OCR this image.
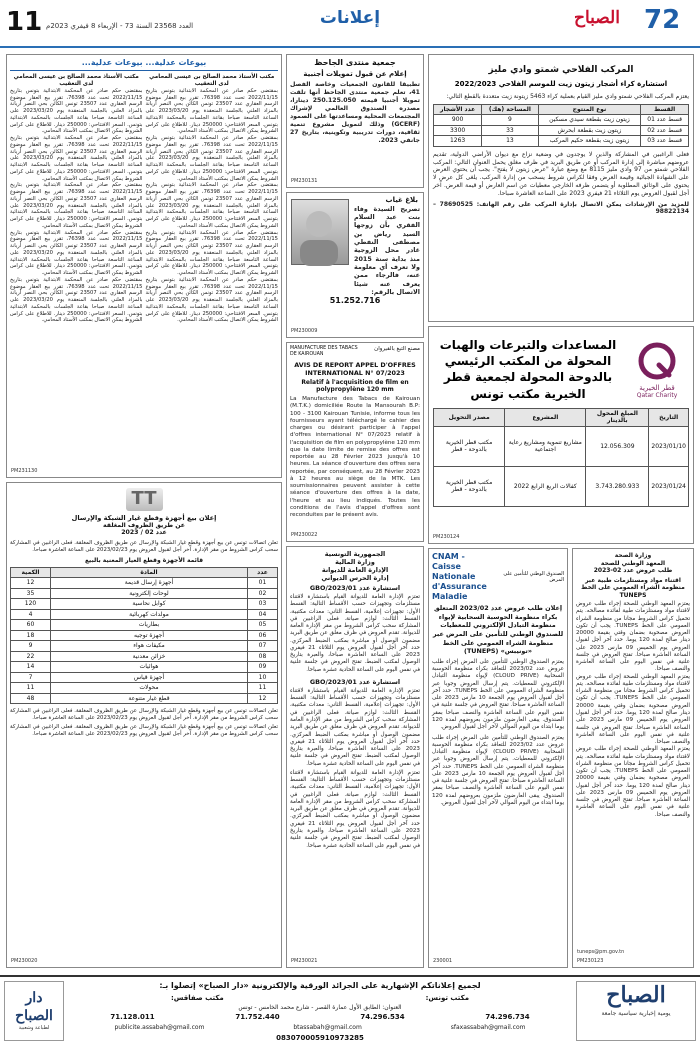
11 العدد 23568 السنة 73 - الإربعاء 8 فيفري 2023م	إعلانات	72
الصباح
المركب الفلاحي شمتو وادي مليز
استشارة كراء أشجار زيتون زيت للموسم الفلاحي 2022/2023
يعتزم المركب الفلاحي شمتو وادي مليز القيام بعملية كراء 5463 زيتونة زيت متعددة بالقطع التالي:
القسط	نوع المنتوج	المساحة (هك)	عدد الأشجار
قسط عدد 01	زيتون زيت بقطعة سيدي مسكين	9	900
قسط عدد 02	زيتون زيت بقطعة ابحرش	33	3300
قسط عدد 03	زيتون زيت بقطعة حكيم المركب	13	1263
فعلى الراغبين في المشاركة والذين لا يوجدون في وضعية نزاع مع ديوان الأراضي الدولية، تقديم عروضهم مباشرة إلى إدارة المركب أو عن طريق البريد في ظرف مغلق يحمل العنوان التالي: المركب الفلاحي شمتو من 97 وادي مليز 8115 مع وضع عبارة "عرض زيتون لا يفتح". يجب أن يحتوي العرض على الشهادة الجبائية وقيمة العرض وفقا لكراس شروط يسحب من إدارة المركب. يلغى كل عرض لا يحتوي على الوثائق المطلوبة أو يتضمن ظرفه الخارجي معطيات عن اسم العارض أو قيمة العرض. آخر أجل لقبول العروض يوم الثلاثاء 21 فيفري 2023 على الساعة العاشرة صباحا.
للمزيد من الإرشادات يمكن الاتصال بإدارة المركب على رقم الهاتف: 78690525 – 98822134
قطر الخيرية
Qatar Charity
المساعدات والتبرعات والهبات المحولة من المكتب الرئيسي بالدوحة المحولة لجمعية قطر الخيرية مكتب تونس
التاريخ	المبلغ المحول بالدينار	المشروع	مصدر التحويل
2023/01/10	12.056.309	مشاريع تنموية ومشاريع رعاية اجتماعية	مكتب قطر الخيرية بالدوحة - قطر
2023/01/24	3.743.280.933	كفالات الربع الرابع 2022	مكتب قطر الخيرية بالدوحة - قطر
PM230124
وزارة الصحة
المعهد الوطني للصحة
طلب عروض عدد 02-2023
اقتناء مواد ومستلزمات طبية عبر منظومة الشراء العمومي على الخط TUNEPS
يعتزم المعهد الوطني للصحة إجراء طلب عروض لاقتناء مواد ومستلزمات طبية لفائدة مصالحه. يتم تحميل كراس الشروط مجانا من منظومة الشراء العمومي على الخط TUNEPS. يجب أن تكون العروض مصحوبة بضمان وقتي بقيمة 20000 دينار صالح لمدة 120 يوما. حدد آخر أجل لقبول العروض يوم الخميس 09 مارس 2023 على الساعة العاشرة صباحا. تفتح العروض في جلسة علنية في نفس اليوم على الساعة العاشرة والنصف صباحا.
يعتزم المعهد الوطني للصحة إجراء طلب عروض لاقتناء مواد ومستلزمات طبية لفائدة مصالحه. يتم تحميل كراس الشروط مجانا من منظومة الشراء العمومي على الخط TUNEPS. يجب أن تكون العروض مصحوبة بضمان وقتي بقيمة 20000 دينار صالح لمدة 120 يوما. حدد آخر أجل لقبول العروض يوم الخميس 09 مارس 2023 على الساعة العاشرة صباحا. تفتح العروض في جلسة علنية في نفس اليوم على الساعة العاشرة والنصف صباحا.
يعتزم المعهد الوطني للصحة إجراء طلب عروض لاقتناء مواد ومستلزمات طبية لفائدة مصالحه. يتم تحميل كراس الشروط مجانا من منظومة الشراء العمومي على الخط TUNEPS. يجب أن تكون العروض مصحوبة بضمان وقتي بقيمة 20000 دينار صالح لمدة 120 يوما. حدد آخر أجل لقبول العروض يوم الخميس 09 مارس 2023 على الساعة العاشرة صباحا. تفتح العروض في جلسة علنية في نفس اليوم على الساعة العاشرة والنصف صباحا.
tuneps@pm.gov.tn
PM230123
الصندوق الوطني للتأمين على المرض
CNAM - Caisse Nationale d'Assurance Maladie
إعلان طلب عروض عدد 2023/02 المتعلق بكراء منظومة الحوسبة السحابية لإيواء منظومة التبادل الإلكتروني للمعطيات للصندوق الوطني للتأمين على المرض عبر منظومة الشراء العمومي على الخط «تونيبس» (TUNEPS)
يعتزم الصندوق الوطني للتأمين على المرض إجراء طلب عروض عدد 2023/02 للتعاقد بكراء منظومة الحوسبة السحابية (CLOUD PRIVE) لإيواء منظومة التبادل الإلكتروني للمعطيات. يتم إرسال العروض وجوبا عبر منظومة الشراء العمومي على الخط TUNEPS. حدد آخر أجل لقبول العروض يوم الجمعة 10 مارس 2023 على الساعة العاشرة صباحا. تفتح العروض في جلسة علنية في نفس اليوم على الساعة العاشرة والنصف صباحا بمقر الصندوق. يبقى العارضون ملزمون بعروضهم لمدة 120 يوما ابتداء من اليوم الموالي لآخر أجل لقبول العروض.
يعتزم الصندوق الوطني للتأمين على المرض إجراء طلب عروض عدد 2023/02 للتعاقد بكراء منظومة الحوسبة السحابية (CLOUD PRIVE) لإيواء منظومة التبادل الإلكتروني للمعطيات. يتم إرسال العروض وجوبا عبر منظومة الشراء العمومي على الخط TUNEPS. حدد آخر أجل لقبول العروض يوم الجمعة 10 مارس 2023 على الساعة العاشرة صباحا. تفتح العروض في جلسة علنية في نفس اليوم على الساعة العاشرة والنصف صباحا بمقر الصندوق. يبقى العارضون ملزمون بعروضهم لمدة 120 يوما ابتداء من اليوم الموالي لآخر أجل لقبول العروض.
230001
جمعية منتدى الجاحظ
إعلام عن قبول تمويلات أجنبية
تطبيقا للقانون الجمعيات وخاصة الفصل 41، تعلم جمعية منتدى الجاحظ أنها تلقت تمويلا أجنبيا قيمته 250.125.050 دينارا، مصدره الصندوق العالمي لإشراك المجتمعات المحلية ومساعدتها على الصمود (GCERF) وذلك لتمويل مشروع تنمية ثقافية، دورات تدريبية وتكوينية، بتاريخ 27 جانفي 2023.
PM230131
بلاغ غياب
تصريح السيدة وفاء بنت عبد السلام الفقري بأن زوجها السيد رياض بن مصطفى النفطي غادر محل الزوجية منذ بداية سنة 2015 ولا تعرف أي معلومة عنه، فالرجاء ممن يعرف عنه شيئا الاتصال بالرقم:
51.252.716
PM230009
MANUFACTURE DES TABACS DE KAIROUAN
مصنع التبغ بالقيروان
AVIS DE REPORT APPEL D'OFFRES INTERNATIONAL N° 07/2023
Relatif à l'acquisition de film en polypropylène 120 mm
La Manufacture des Tabacs de Kairouan (M.T.K.) domiciliée Route la Mansourah B.P: 100 - 3100 Kairouan Tunisie, informe tous les fournisseurs ayant téléchargé le cahier des charges ou désirant participer à l'appel d'offres international N° 07/2023 relatif à l'acquisition de film en polypropylène 120 mm que la date limite de remise des offres est reportée au 28 Février 2023 jusqu'à 10 heures. La séance d'ouverture des offres sera reportée, par conséquent, au 28 Février 2023 à 12 heures au siège de la MTK. Les soumissionnaires peuvent assister à cette séance d'ouverture des offres à la date, l'heure et au lieu indiqués. Toutes les conditions de l'avis d'appel d'offres sont reconduites par le présent avis.
PM230022
الجمهورية التونسية
وزارة المالية
الإدارة العامة للديوانة
إدارة الحرس الديواني
استشارة عدد GBO/2023/01
تعتزم الإدارة العامة للديوانة القيام باستشارة لاقتناء مستلزمات وتجهيزات حسب الأقساط التالية: القسط الأول: تجهيزات إعلامية، القسط الثاني: معدات مكتبية، القسط الثالث: لوازم صيانة. فعلى الراغبين في المشاركة سحب كراس الشروط من مقر الإدارة العامة للديوانة. تقدم العروض في ظرف مغلق عن طريق البريد مضمون الوصول أو مباشرة بمكتب الضبط المركزي. حدد آخر أجل لقبول العروض يوم الثلاثاء 21 فيفري 2023 على الساعة العاشرة صباحا، والعبرة بتاريخ الوصول لمكتب الضبط. تفتح العروض في جلسة علنية في نفس اليوم على الساعة الحادية عشرة صباحا.
استشارة عدد GBO/2023/01
تعتزم الإدارة العامة للديوانة القيام باستشارة لاقتناء مستلزمات وتجهيزات حسب الأقساط التالية: القسط الأول: تجهيزات إعلامية، القسط الثاني: معدات مكتبية، القسط الثالث: لوازم صيانة. فعلى الراغبين في المشاركة سحب كراس الشروط من مقر الإدارة العامة للديوانة. تقدم العروض في ظرف مغلق عن طريق البريد مضمون الوصول أو مباشرة بمكتب الضبط المركزي. حدد آخر أجل لقبول العروض يوم الثلاثاء 21 فيفري 2023 على الساعة العاشرة صباحا، والعبرة بتاريخ الوصول لمكتب الضبط. تفتح العروض في جلسة علنية في نفس اليوم على الساعة الحادية عشرة صباحا.
تعتزم الإدارة العامة للديوانة القيام باستشارة لاقتناء مستلزمات وتجهيزات حسب الأقساط التالية: القسط الأول: تجهيزات إعلامية، القسط الثاني: معدات مكتبية، القسط الثالث: لوازم صيانة. فعلى الراغبين في المشاركة سحب كراس الشروط من مقر الإدارة العامة للديوانة. تقدم العروض في ظرف مغلق عن طريق البريد مضمون الوصول أو مباشرة بمكتب الضبط المركزي. حدد آخر أجل لقبول العروض يوم الثلاثاء 21 فيفري 2023 على الساعة العاشرة صباحا، والعبرة بتاريخ الوصول لمكتب الضبط. تفتح العروض في جلسة علنية في نفس اليوم على الساعة الحادية عشرة صباحا.
PM230021
بيوعات عدلية... بيوعات عدلية...
مكتب الأستاذ محمد الصالح بن عيسى المحامي لدى التعقيب
بمقتضى حكم صادر عن المحكمة الابتدائية بتونس بتاريخ 2022/11/15 تحت عدد 76398، تقرر بيع العقار موضوع الرسم العقاري عدد 23507 تونس الكائن بحي النصر أريانة بالمزاد العلني بالجلسة المنعقدة يوم 2023/03/20 على الساعة التاسعة صباحا بقاعة الجلسات بالمحكمة الابتدائية بتونس. السعر الافتتاحي: 250000 دينار. للاطلاع على كراس الشروط يمكن الاتصال بمكتب الأستاذ المحامي.
بمقتضى حكم صادر عن المحكمة الابتدائية بتونس بتاريخ 2022/11/15 تحت عدد 76398، تقرر بيع العقار موضوع الرسم العقاري عدد 23507 تونس الكائن بحي النصر أريانة بالمزاد العلني بالجلسة المنعقدة يوم 2023/03/20 على الساعة التاسعة صباحا بقاعة الجلسات بالمحكمة الابتدائية بتونس. السعر الافتتاحي: 250000 دينار. للاطلاع على كراس الشروط يمكن الاتصال بمكتب الأستاذ المحامي.
بمقتضى حكم صادر عن المحكمة الابتدائية بتونس بتاريخ 2022/11/15 تحت عدد 76398، تقرر بيع العقار موضوع الرسم العقاري عدد 23507 تونس الكائن بحي النصر أريانة بالمزاد العلني بالجلسة المنعقدة يوم 2023/03/20 على الساعة التاسعة صباحا بقاعة الجلسات بالمحكمة الابتدائية بتونس. السعر الافتتاحي: 250000 دينار. للاطلاع على كراس الشروط يمكن الاتصال بمكتب الأستاذ المحامي.
بمقتضى حكم صادر عن المحكمة الابتدائية بتونس بتاريخ 2022/11/15 تحت عدد 76398، تقرر بيع العقار موضوع الرسم العقاري عدد 23507 تونس الكائن بحي النصر أريانة بالمزاد العلني بالجلسة المنعقدة يوم 2023/03/20 على الساعة التاسعة صباحا بقاعة الجلسات بالمحكمة الابتدائية بتونس. السعر الافتتاحي: 250000 دينار. للاطلاع على كراس الشروط يمكن الاتصال بمكتب الأستاذ المحامي.
بمقتضى حكم صادر عن المحكمة الابتدائية بتونس بتاريخ 2022/11/15 تحت عدد 76398، تقرر بيع العقار موضوع الرسم العقاري عدد 23507 تونس الكائن بحي النصر أريانة بالمزاد العلني بالجلسة المنعقدة يوم 2023/03/20 على الساعة التاسعة صباحا بقاعة الجلسات بالمحكمة الابتدائية بتونس. السعر الافتتاحي: 250000 دينار. للاطلاع على كراس الشروط يمكن الاتصال بمكتب الأستاذ المحامي.
مكتب الأستاذ محمد الصالح بن عيسى المحامي لدى التعقيب
بمقتضى حكم صادر عن المحكمة الابتدائية بتونس بتاريخ 2022/11/15 تحت عدد 76398، تقرر بيع العقار موضوع الرسم العقاري عدد 23507 تونس الكائن بحي النصر أريانة بالمزاد العلني بالجلسة المنعقدة يوم 2023/03/20 على الساعة التاسعة صباحا بقاعة الجلسات بالمحكمة الابتدائية بتونس. السعر الافتتاحي: 250000 دينار. للاطلاع على كراس الشروط يمكن الاتصال بمكتب الأستاذ المحامي.
بمقتضى حكم صادر عن المحكمة الابتدائية بتونس بتاريخ 2022/11/15 تحت عدد 76398، تقرر بيع العقار موضوع الرسم العقاري عدد 23507 تونس الكائن بحي النصر أريانة بالمزاد العلني بالجلسة المنعقدة يوم 2023/03/20 على الساعة التاسعة صباحا بقاعة الجلسات بالمحكمة الابتدائية بتونس. السعر الافتتاحي: 250000 دينار. للاطلاع على كراس الشروط يمكن الاتصال بمكتب الأستاذ المحامي.
بمقتضى حكم صادر عن المحكمة الابتدائية بتونس بتاريخ 2022/11/15 تحت عدد 76398، تقرر بيع العقار موضوع الرسم العقاري عدد 23507 تونس الكائن بحي النصر أريانة بالمزاد العلني بالجلسة المنعقدة يوم 2023/03/20 على الساعة التاسعة صباحا بقاعة الجلسات بالمحكمة الابتدائية بتونس. السعر الافتتاحي: 250000 دينار. للاطلاع على كراس الشروط يمكن الاتصال بمكتب الأستاذ المحامي.
بمقتضى حكم صادر عن المحكمة الابتدائية بتونس بتاريخ 2022/11/15 تحت عدد 76398، تقرر بيع العقار موضوع الرسم العقاري عدد 23507 تونس الكائن بحي النصر أريانة بالمزاد العلني بالجلسة المنعقدة يوم 2023/03/20 على الساعة التاسعة صباحا بقاعة الجلسات بالمحكمة الابتدائية بتونس. السعر الافتتاحي: 250000 دينار. للاطلاع على كراس الشروط يمكن الاتصال بمكتب الأستاذ المحامي.
بمقتضى حكم صادر عن المحكمة الابتدائية بتونس بتاريخ 2022/11/15 تحت عدد 76398، تقرر بيع العقار موضوع الرسم العقاري عدد 23507 تونس الكائن بحي النصر أريانة بالمزاد العلني بالجلسة المنعقدة يوم 2023/03/20 على الساعة التاسعة صباحا بقاعة الجلسات بالمحكمة الابتدائية بتونس. السعر الافتتاحي: 250000 دينار. للاطلاع على كراس الشروط يمكن الاتصال بمكتب الأستاذ المحامي.
PM231130
TT
إعلان بيع أجهزة وقطع غيار الشبكة والإرسال
عن طريق الظروف المغلقة
عدد 02 / 2023
تعلن اتصالات تونس عن بيع أجهزة وقطع غيار الشبكة والإرسال عن طريق الظروف المغلقة. فعلى الراغبين في المشاركة سحب كراس الشروط من مقر الإدارة. آخر أجل لقبول العروض يوم 2023/02/23 على الساعة العاشرة صباحا.
قائمة الأجهزة وقطع الغيار المعنية بالبيع
عدد	المادة	الكمية
01	أجهزة إرسال قديمة	12
02	لوحات إلكترونية	35
03	كوابل نحاسية	120
04	مولدات كهربائية	4
05	بطاريات	60
06	أجهزة توجيه	18
07	مكيفات هواء	9
08	خزائن معدنية	22
09	هوائيات	14
10	أجهزة قياس	7
11	محولات	11
12	قطع غيار متنوعة	48
تعلن اتصالات تونس عن بيع أجهزة وقطع غيار الشبكة والإرسال عن طريق الظروف المغلقة. فعلى الراغبين في المشاركة سحب كراس الشروط من مقر الإدارة. آخر أجل لقبول العروض يوم 2023/02/23 على الساعة العاشرة صباحا.
تعلن اتصالات تونس عن بيع أجهزة وقطع غيار الشبكة والإرسال عن طريق الظروف المغلقة. فعلى الراغبين في المشاركة سحب كراس الشروط من مقر الإدارة. آخر أجل لقبول العروض يوم 2023/02/23 على الساعة العاشرة صباحا.
PM230020
الصباح
يومية إخبارية سياسية جامعة
دار الصباح
لطباعة وشعبية
لجميع إعلاناتكم الإشهارية على الجرائد الورقية والإلكترونية «دار الصباح» إتصلوا بـ:
مكتب تونس:
مكتب صفاقس:
العنوان: الطابق الأول عمارة القصر - شارع محمد الخامس - تونس
71.128.011	71.752.440	74.296.534	74.296.734
publicite.assabah@gmail.com	btassabah@gmail.com	sfaxassabah@gmail.com
083070005910973285
